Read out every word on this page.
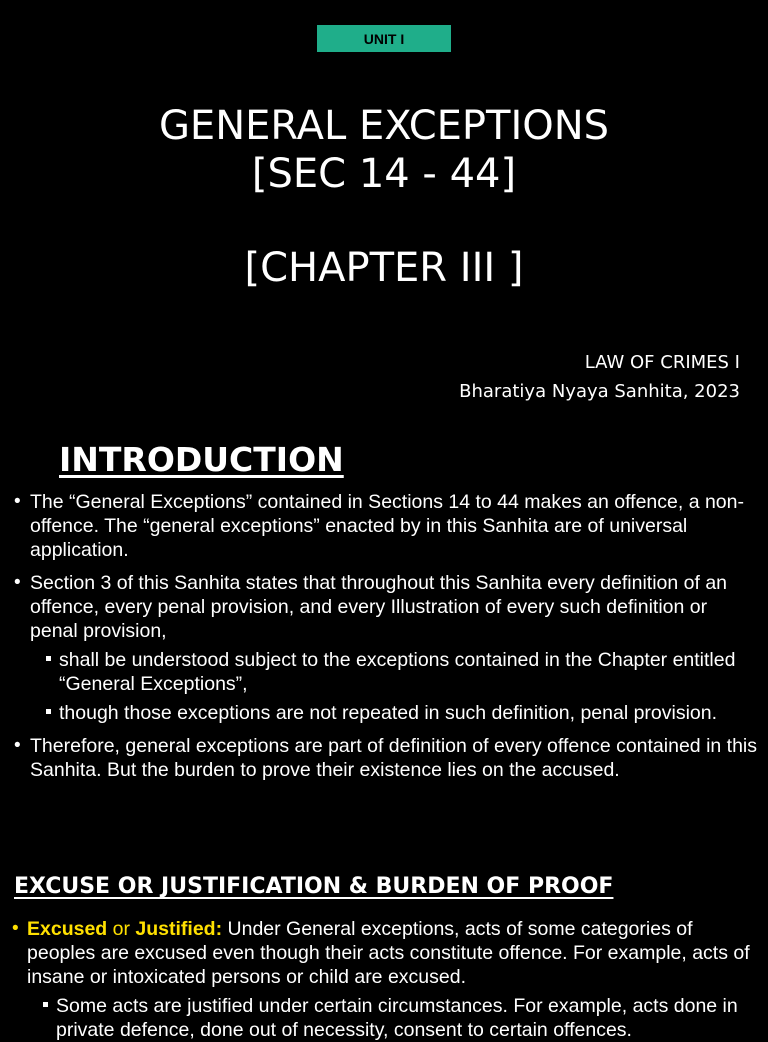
UNIT I
GENERAL EXCEPTIONS
[SEC 14 - 44]
[CHAPTER III ]
LAW OF CRIMES I
Bharatiya Nyaya Sanhita, 2023
INTRODUCTION
• The “General Exceptions” contained in Sections 14 to 44 makes an offence, a non-offence. The “general exceptions” enacted by in this Sanhita are of universal application.
• Section 3 of this Sanhita states that throughout this Sanhita every definition of an offence, every penal provision, and every Illustration of every such definition or penal provision,
shall be understood subject to the exceptions contained in the Chapter entitled “General Exceptions”,
though those exceptions are not repeated in such definition, penal provision.
• Therefore, general exceptions are part of definition of every offence contained in this Sanhita. But the burden to prove their existence lies on the accused.
EXCUSE OR JUSTIFICATION & BURDEN OF PROOF
• Excused or Justified: Under General exceptions, acts of some categories of peoples are excused even though their acts constitute offence. For example, acts of insane or intoxicated persons or child are excused.
Some acts are justified under certain circumstances. For example, acts done in private defence, done out of necessity, consent to certain offences.
